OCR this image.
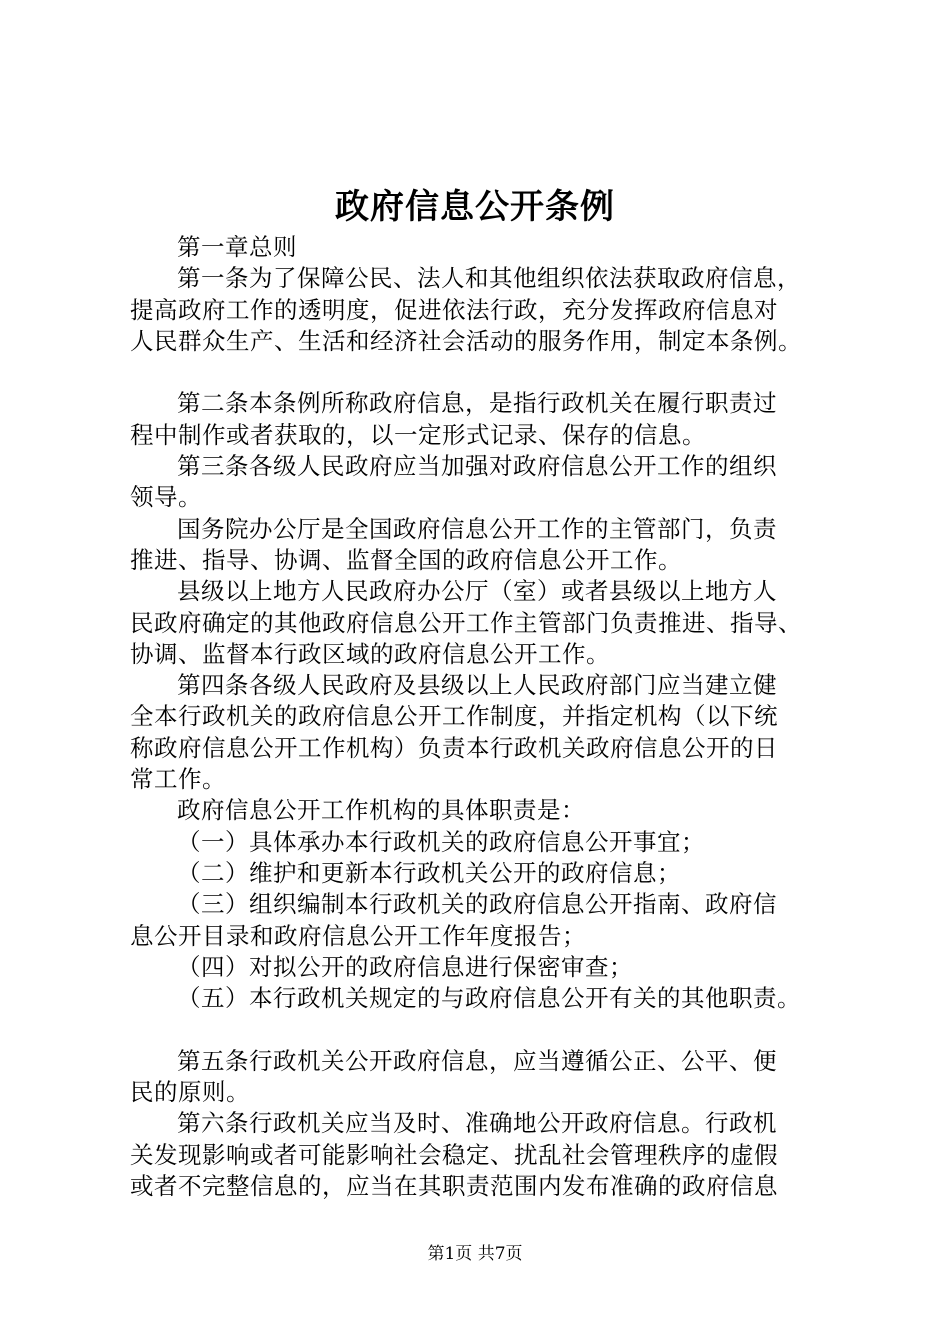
政府信息公开条例
第一章总则
第一条为了保障公民、法人和其他组织依法获取政府信息，
提高政府工作的透明度，促进依法行政，充分发挥政府信息对
人民群众生产、生活和经济社会活动的服务作用，制定本条例。
第二条本条例所称政府信息，是指行政机关在履行职责过
程中制作或者获取的，以一定形式记录、保存的信息。
第三条各级人民政府应当加强对政府信息公开工作的组织
领导。
国务院办公厅是全国政府信息公开工作的主管部门，负责
推进、指导、协调、监督全国的政府信息公开工作。
县级以上地方人民政府办公厅（室）或者县级以上地方人
民政府确定的其他政府信息公开工作主管部门负责推进、指导、
协调、监督本行政区域的政府信息公开工作。
第四条各级人民政府及县级以上人民政府部门应当建立健
全本行政机关的政府信息公开工作制度，并指定机构（以下统
称政府信息公开工作机构）负责本行政机关政府信息公开的日
常工作。
政府信息公开工作机构的具体职责是：
（一）具体承办本行政机关的政府信息公开事宜；
（二）维护和更新本行政机关公开的政府信息；
（三）组织编制本行政机关的政府信息公开指南、政府信
息公开目录和政府信息公开工作年度报告；
（四）对拟公开的政府信息进行保密审查；
（五）本行政机关规定的与政府信息公开有关的其他职责。
第五条行政机关公开政府信息，应当遵循公正、公平、便
民的原则。
第六条行政机关应当及时、准确地公开政府信息。行政机
关发现影响或者可能影响社会稳定、扰乱社会管理秩序的虚假
或者不完整信息的，应当在其职责范围内发布准确的政府信息
第1页 共7页
